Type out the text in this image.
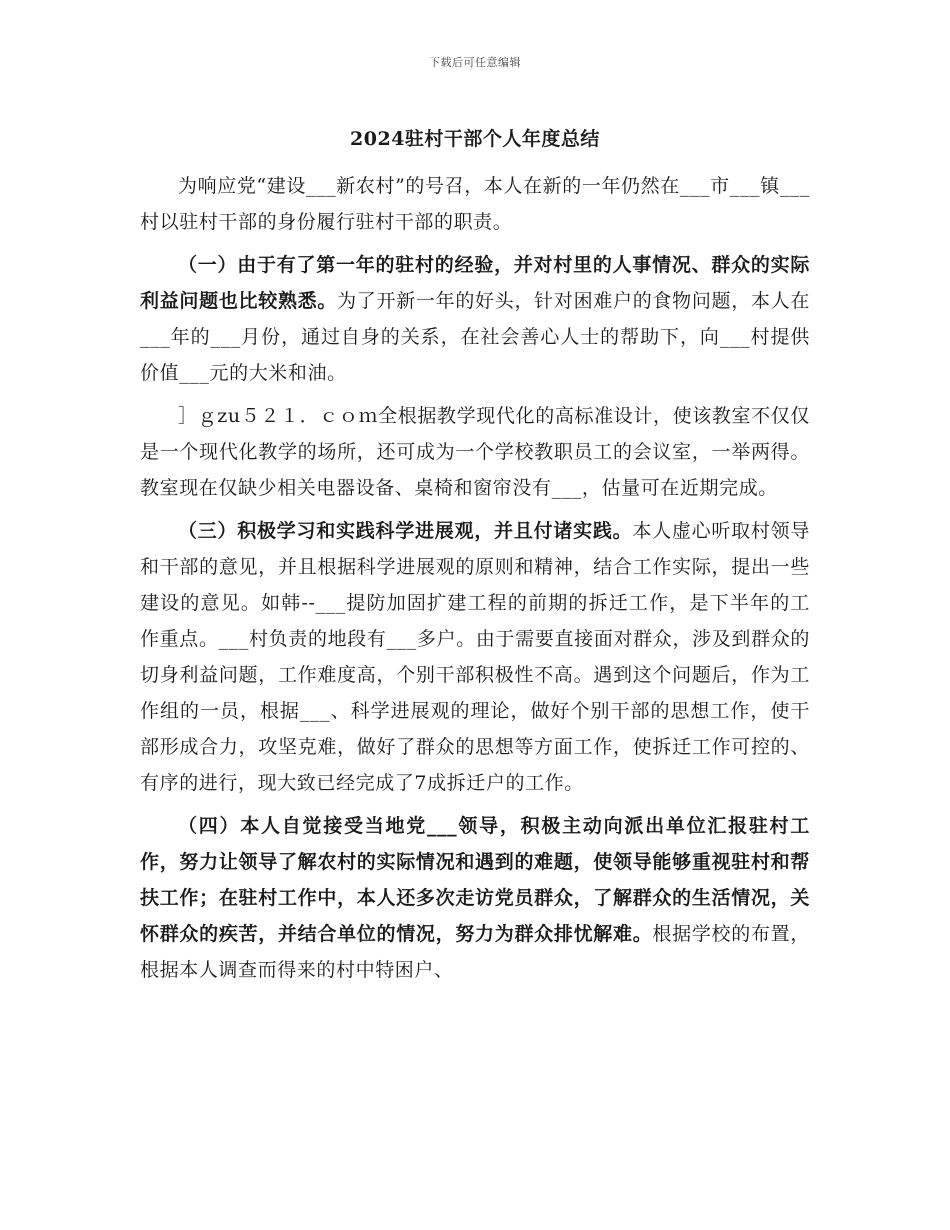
下载后可任意编辑
2024驻村干部个人年度总结

为响应党“建设___新农村”的号召，本人在新的一年仍然在___市___镇___村以驻村干部的身份履行驻村干部的职责。

（一）由于有了第一年的驻村的经验，并对村里的人事情况、群众的实际利益问题也比较熟悉。为了开新一年的好头，针对困难户的食物问题，本人在___年的___月份，通过自身的关系，在社会善心人士的帮助下，向___村提供价值___元的大米和油。

］ｇzu５２１．ｃｏｍ全根据教学现代化的高标准设计，使该教室不仅仅是一个现代化教学的场所，还可成为一个学校教职员工的会议室，一举两得。教室现在仅缺少相关电器设备、桌椅和窗帘没有___，估量可在近期完成。

（三）积极学习和实践科学进展观，并且付诸实践。本人虚心听取村领导和干部的意见，并且根据科学进展观的原则和精神，结合工作实际，提出一些建设的意见。如韩--___提防加固扩建工程的前期的拆迁工作，是下半年的工作重点。___村负责的地段有___多户。由于需要直接面对群众，涉及到群众的切身利益问题，工作难度高，个别干部积极性不高。遇到这个问题后，作为工作组的一员，根据___、科学进展观的理论，做好个别干部的思想工作，使干部形成合力，攻坚克难，做好了群众的思想等方面工作，使拆迁工作可控的、有序的进行，现大致已经完成了7成拆迁户的工作。

（四）本人自觉接受当地党___领导，积极主动向派出单位汇报驻村工作，努力让领导了解农村的实际情况和遇到的难题，使领导能够重视驻村和帮扶工作；在驻村工作中，本人还多次走访党员群众，了解群众的生活情况，关怀群众的疾苦，并结合单位的情况，努力为群众排忧解难。根据学校的布置，根据本人调查而得来的村中特困户、
